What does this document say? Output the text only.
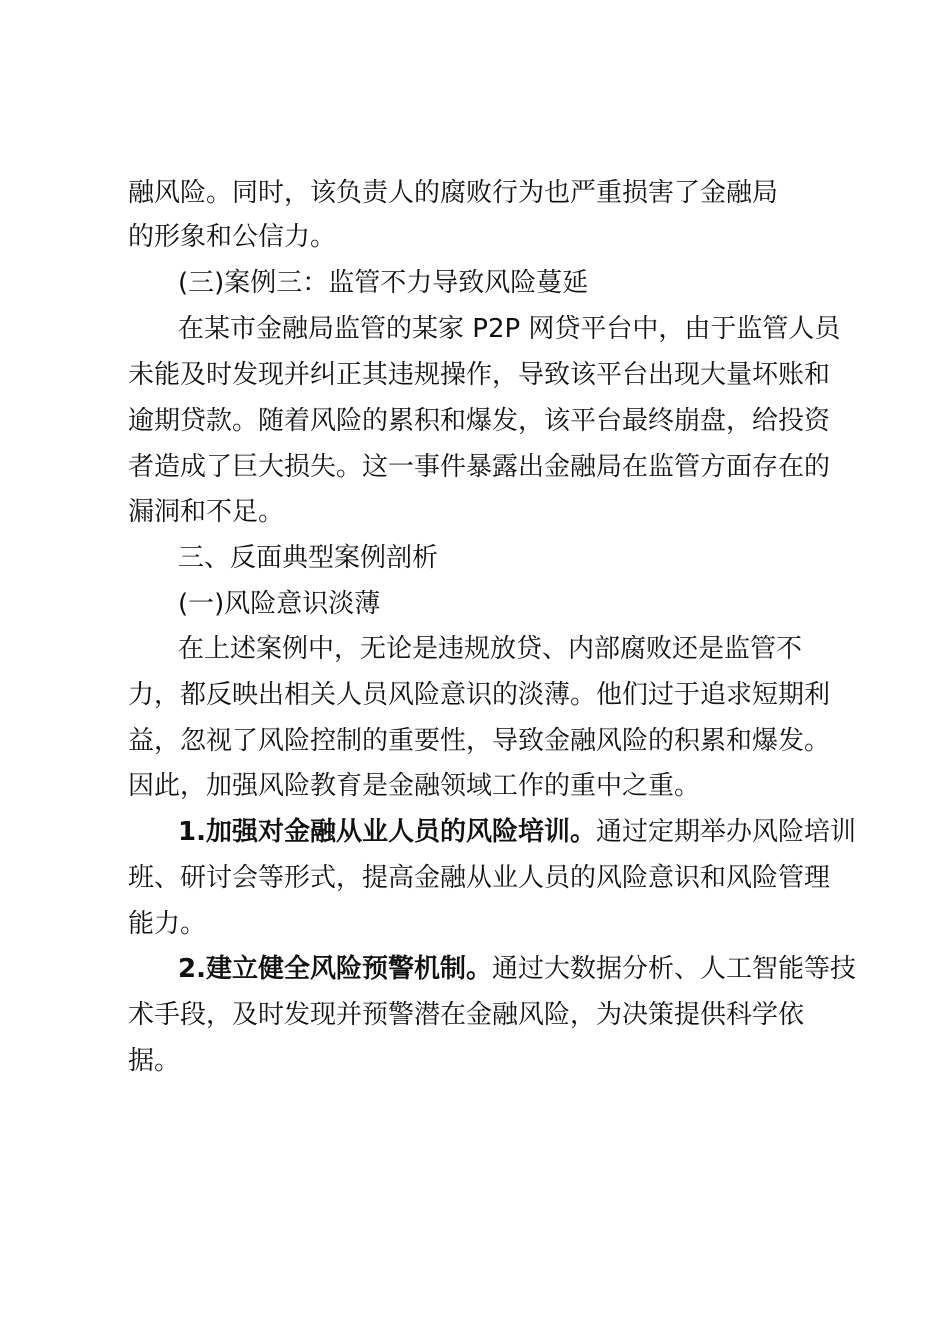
融风险。同时，该负责人的腐败行为也严重损害了金融局
的形象和公信力。
(三)案例三：监管不力导致风险蔓延
在某市金融局监管的某家 P2P 网贷平台中，由于监管人员
未能及时发现并纠正其违规操作，导致该平台出现大量坏账和
逾期贷款。随着风险的累积和爆发，该平台最终崩盘，给投资
者造成了巨大损失。这一事件暴露出金融局在监管方面存在的
漏洞和不足。
三、反面典型案例剖析
(一)风险意识淡薄
在上述案例中，无论是违规放贷、内部腐败还是监管不
力，都反映出相关人员风险意识的淡薄。他们过于追求短期利
益，忽视了风险控制的重要性，导致金融风险的积累和爆发。
因此，加强风险教育是金融领域工作的重中之重。
1.加强对金融从业人员的风险培训。通过定期举办风险培训
班、研讨会等形式，提高金融从业人员的风险意识和风险管理
能力。
2.建立健全风险预警机制。通过大数据分析、人工智能等技
术手段，及时发现并预警潜在金融风险，为决策提供科学依
据。
